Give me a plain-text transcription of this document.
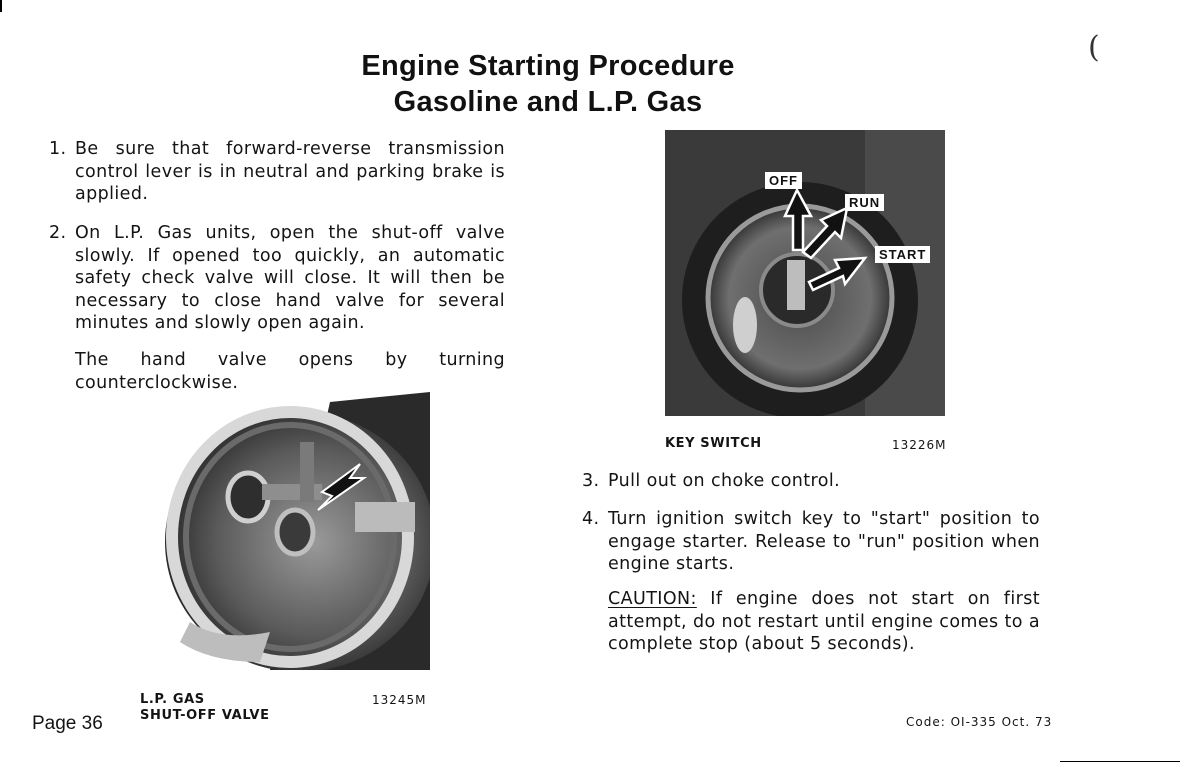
(
Engine Starting Procedure
Gasoline and L.P. Gas
1. Be sure that forward-reverse transmission control lever is in neutral and parking brake is applied.
2. On L.P. Gas units, open the shut-off valve slowly. If opened too quickly, an automatic safety check valve will close. It will then be necessary to close hand valve for several minutes and slowly open again.
The hand valve opens by turning counterclockwise.
OFF
RUN
START
KEY SWITCH	13226M
3. Pull out on choke control.
4. Turn ignition switch key to "start" position to engage starter. Release to "run" position when engine starts.
CAUTION: If engine does not start on first attempt, do not restart until engine comes to a complete stop (about 5 seconds).
L.P. GAS
SHUT-OFF VALVE
13245M
Page 36	Code: OI-335 Oct. 73
